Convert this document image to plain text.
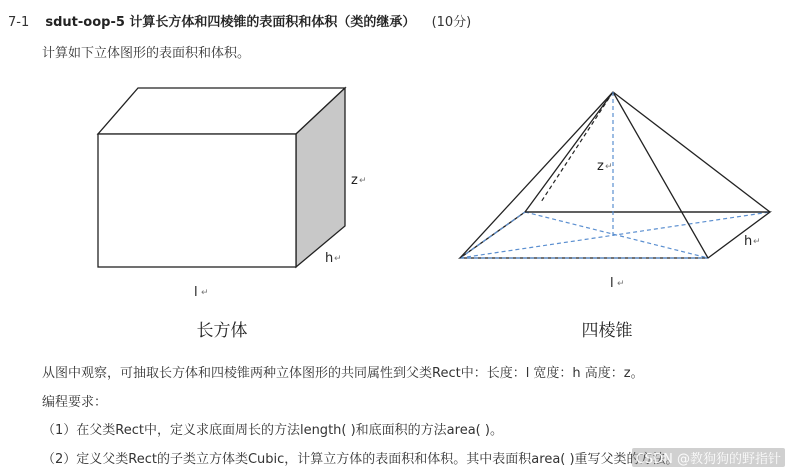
7-1 sdut-oop-5 计算长方体和四棱锥的表面积和体积（类的继承） (10分)
计算如下立体图形的表面积和体积。
z ↵
h ↵
l ↵
长方体
z ↵
h ↵
l ↵
四棱锥
从图中观察，可抽取长方体和四棱锥两种立体图形的共同属性到父类Rect中：长度：l 宽度：h 高度：z。
编程要求：
（1）在父类Rect中，定义求底面周长的方法length( )和底面积的方法area( )。
（2）定义父类Rect的子类立方体类Cubic，计算立方体的表面积和体积。其中表面积area( )重写父类的方法。
CSDN @教狗狗的野指针
